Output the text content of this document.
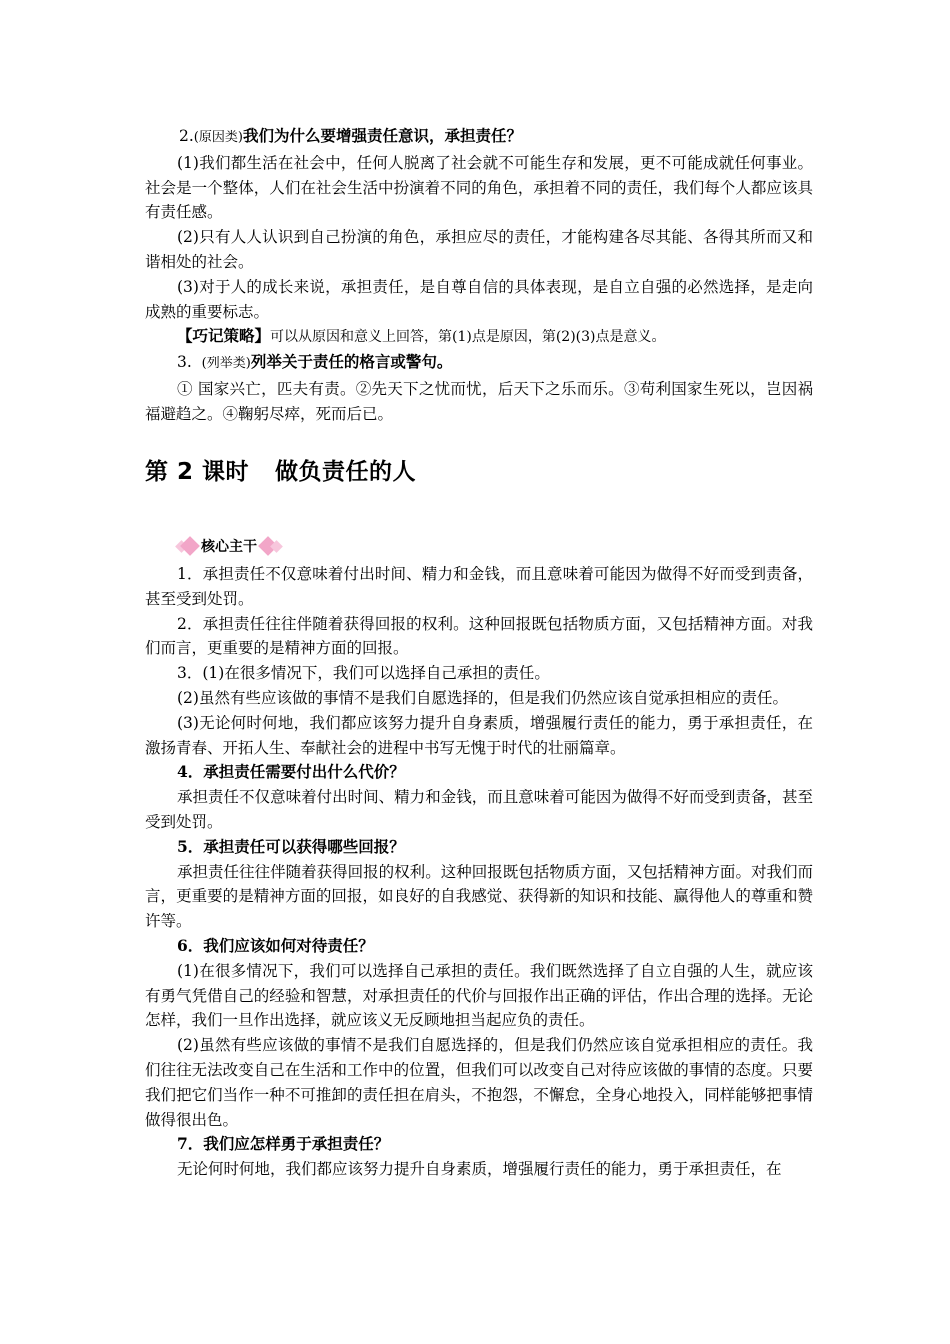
2.(原因类)我们为什么要增强责任意识，承担责任？

(1)我们都生活在社会中，任何人脱离了社会就不可能生存和发展，更不可能成就任何事业。社会是一个整体，人们在社会生活中扮演着不同的角色，承担着不同的责任，我们每个人都应该具有责任感。

(2)只有人人认识到自己扮演的角色，承担应尽的责任，才能构建各尽其能、各得其所而又和谐相处的社会。

(3)对于人的成长来说，承担责任，是自尊自信的具体表现，是自立自强的必然选择，是走向成熟的重要标志。

【巧记策略】可以从原因和意义上回答，第(1)点是原因，第(2)(3)点是意义。

3. (列举类)列举关于责任的格言或警句。

① 国家兴亡，匹夫有责。②先天下之忧而忧，后天下之乐而乐。③苟利国家生死以，岂因祸福避趋之。④鞠躬尽瘁，死而后已。

第 2 课时 做负责任的人
核心主干

1．承担责任不仅意味着付出时间、精力和金钱，而且意味着可能因为做得不好而受到责备，甚至受到处罚。

2．承担责任往往伴随着获得回报的权利。这种回报既包括物质方面，又包括精神方面。对我们而言，更重要的是精神方面的回报。

3．(1)在很多情况下，我们可以选择自己承担的责任。

(2)虽然有些应该做的事情不是我们自愿选择的，但是我们仍然应该自觉承担相应的责任。

(3)无论何时何地，我们都应该努力提升自身素质，增强履行责任的能力，勇于承担责任，在激扬青春、开拓人生、奉献社会的进程中书写无愧于时代的壮丽篇章。

4．承担责任需要付出什么代价？

承担责任不仅意味着付出时间、精力和金钱，而且意味着可能因为做得不好而受到责备，甚至受到处罚。

5．承担责任可以获得哪些回报？

承担责任往往伴随着获得回报的权利。这种回报既包括物质方面，又包括精神方面。对我们而言，更重要的是精神方面的回报，如良好的自我感觉、获得新的知识和技能、赢得他人的尊重和赞许等。

6．我们应该如何对待责任？

(1)在很多情况下，我们可以选择自己承担的责任。我们既然选择了自立自强的人生，就应该有勇气凭借自己的经验和智慧，对承担责任的代价与回报作出正确的评估，作出合理的选择。无论怎样，我们一旦作出选择，就应该义无反顾地担当起应负的责任。

(2)虽然有些应该做的事情不是我们自愿选择的，但是我们仍然应该自觉承担相应的责任。我们往往无法改变自己在生活和工作中的位置，但我们可以改变自己对待应该做的事情的态度。只要我们把它们当作一种不可推卸的责任担在肩头，不抱怨，不懈怠，全身心地投入，同样能够把事情做得很出色。

7．我们应怎样勇于承担责任？

无论何时何地，我们都应该努力提升自身素质，增强履行责任的能力，勇于承担责任，在
